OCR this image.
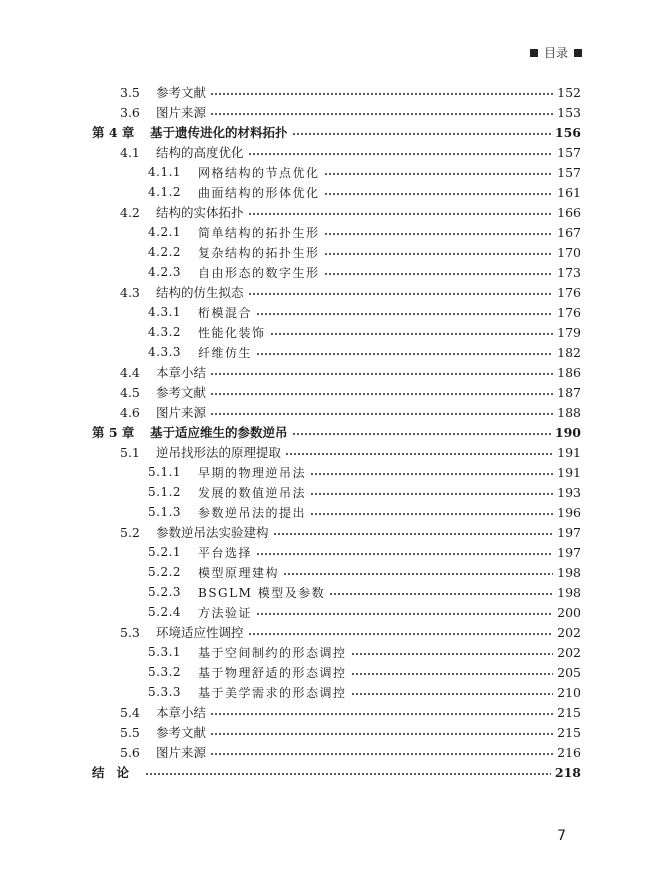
目录
3.5	参考文献	152
3.6	图片来源	153
第 4 章	基于遗传进化的材料拓扑	156
4.1	结构的高度优化	157
4.1.1	网格结构的节点优化	157
4.1.2	曲面结构的形体优化	161
4.2	结构的实体拓扑	166
4.2.1	简单结构的拓扑生形	167
4.2.2	复杂结构的拓扑生形	170
4.2.3	自由形态的数字生形	173
4.3	结构的仿生拟态	176
4.3.1	桁模混合	176
4.3.2	性能化装饰	179
4.3.3	纤维仿生	182
4.4	本章小结	186
4.5	参考文献	187
4.6	图片来源	188
第 5 章	基于适应维生的参数逆吊	190
5.1	逆吊找形法的原理提取	191
5.1.1	早期的物理逆吊法	191
5.1.2	发展的数值逆吊法	193
5.1.3	参数逆吊法的提出	196
5.2	参数逆吊法实验建构	197
5.2.1	平台选择	197
5.2.2	模型原理建构	198
5.2.3	BSGLM 模型及参数	198
5.2.4	方法验证	200
5.3	环境适应性调控	202
5.3.1	基于空间制约的形态调控	202
5.3.2	基于物理舒适的形态调控	205
5.3.3	基于美学需求的形态调控	210
5.4	本章小结	215
5.5	参考文献	215
5.6	图片来源	216
结论	218
7
